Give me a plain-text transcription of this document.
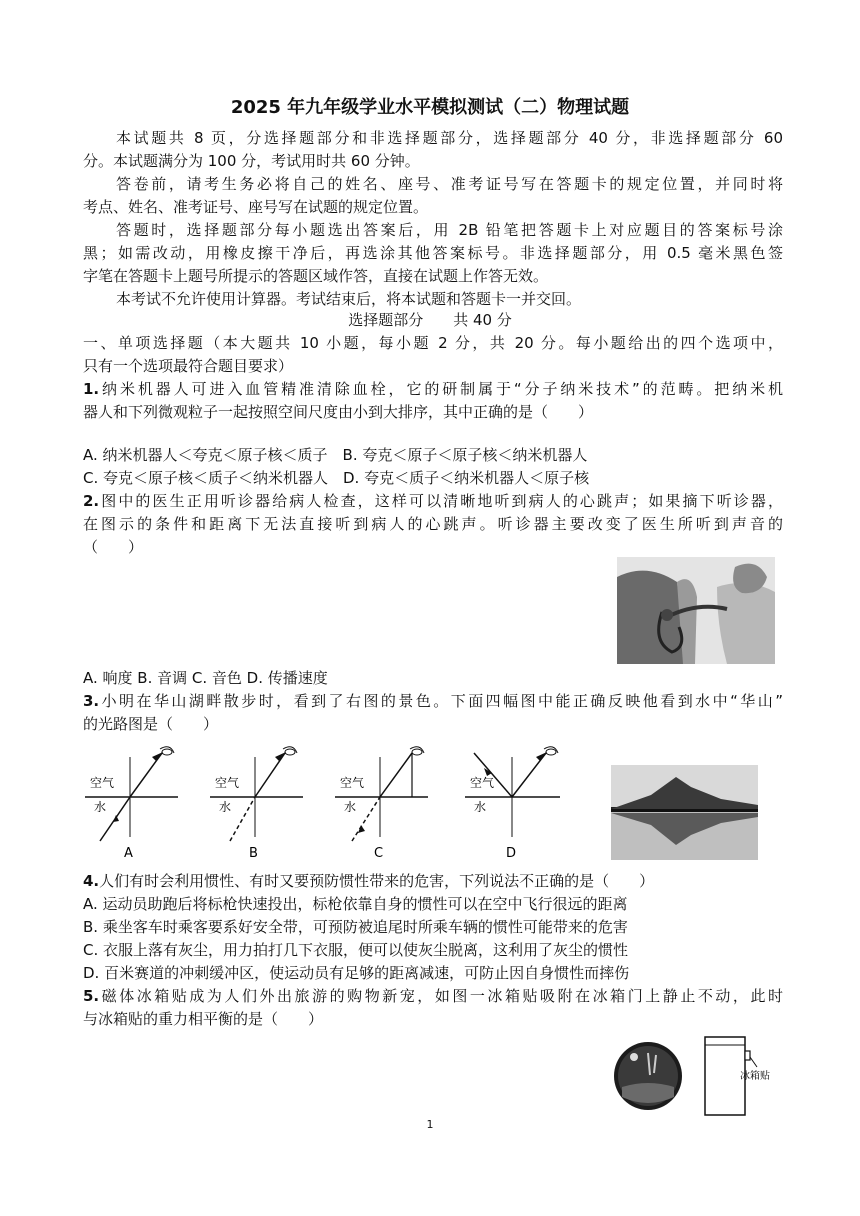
2025 年九年级学业水平模拟测试（二）物理试题
本试题共 8 页，分选择题部分和非选择题部分，选择题部分 40 分，非选择题部分 60
分。本试题满分为 100 分，考试用时共 60 分钟。
答卷前，请考生务必将自己的姓名、座号、准考证号写在答题卡的规定位置，并同时将
考点、姓名、准考证号、座号写在试题的规定位置。
答题时，选择题部分每小题选出答案后，用 2B 铅笔把答题卡上对应题目的答案标号涂
黑；如需改动，用橡皮擦干净后，再选涂其他答案标号。非选择题部分，用 0.5 毫米黑色签
字笔在答题卡上题号所提示的答题区域作答，直接在试题上作答无效。
本考试不允许使用计算器。考试结束后，将本试题和答题卡一并交回。
选择题部分　　共 40 分
一、单项选择题（本大题共 10 小题，每小题 2 分，共 20 分。每小题给出的四个选项中，
只有一个选项最符合题目要求）
1.纳米机器人可进入血管精准清除血栓，它的研制属于“分子纳米技术”的范畴。把纳米机
器人和下列微观粒子一起按照空间尺度由小到大排序，其中正确的是（　　）
A. 纳米机器人＜夸克＜原子核＜质子　B. 夸克＜原子＜原子核＜纳米机器人
C. 夸克＜原子核＜质子＜纳米机器人　D. 夸克＜质子＜纳米机器人＜原子核
2.图中的医生正用听诊器给病人检查，这样可以清晰地听到病人的心跳声；如果摘下听诊器，
在图示的条件和距离下无法直接听到病人的心跳声。听诊器主要改变了医生所听到声音的
（　　）
A. 响度 B. 音调 C. 音色 D. 传播速度
3.小明在华山湖畔散步时，看到了右图的景色。下面四幅图中能正确反映他看到水中“华山”
的光路图是（　　）
空气
水
A
空气
水
B
空气
水
C
空气
水
D
4.人们有时会利用惯性、有时又要预防惯性带来的危害，下列说法不正确的是（　　）
A. 运动员助跑后将标枪快速投出，标枪依靠自身的惯性可以在空中飞行很远的距离
B. 乘坐客车时乘客要系好安全带，可预防被追尾时所乘车辆的惯性可能带来的危害
C. 衣服上落有灰尘，用力拍打几下衣服，便可以使灰尘脱离，这利用了灰尘的惯性
D. 百米赛道的冲刺缓冲区，使运动员有足够的距离减速，可防止因自身惯性而摔伤
5.磁体冰箱贴成为人们外出旅游的购物新宠，如图一冰箱贴吸附在冰箱门上静止不动，此时
与冰箱贴的重力相平衡的是（　　）
冰箱贴
1
